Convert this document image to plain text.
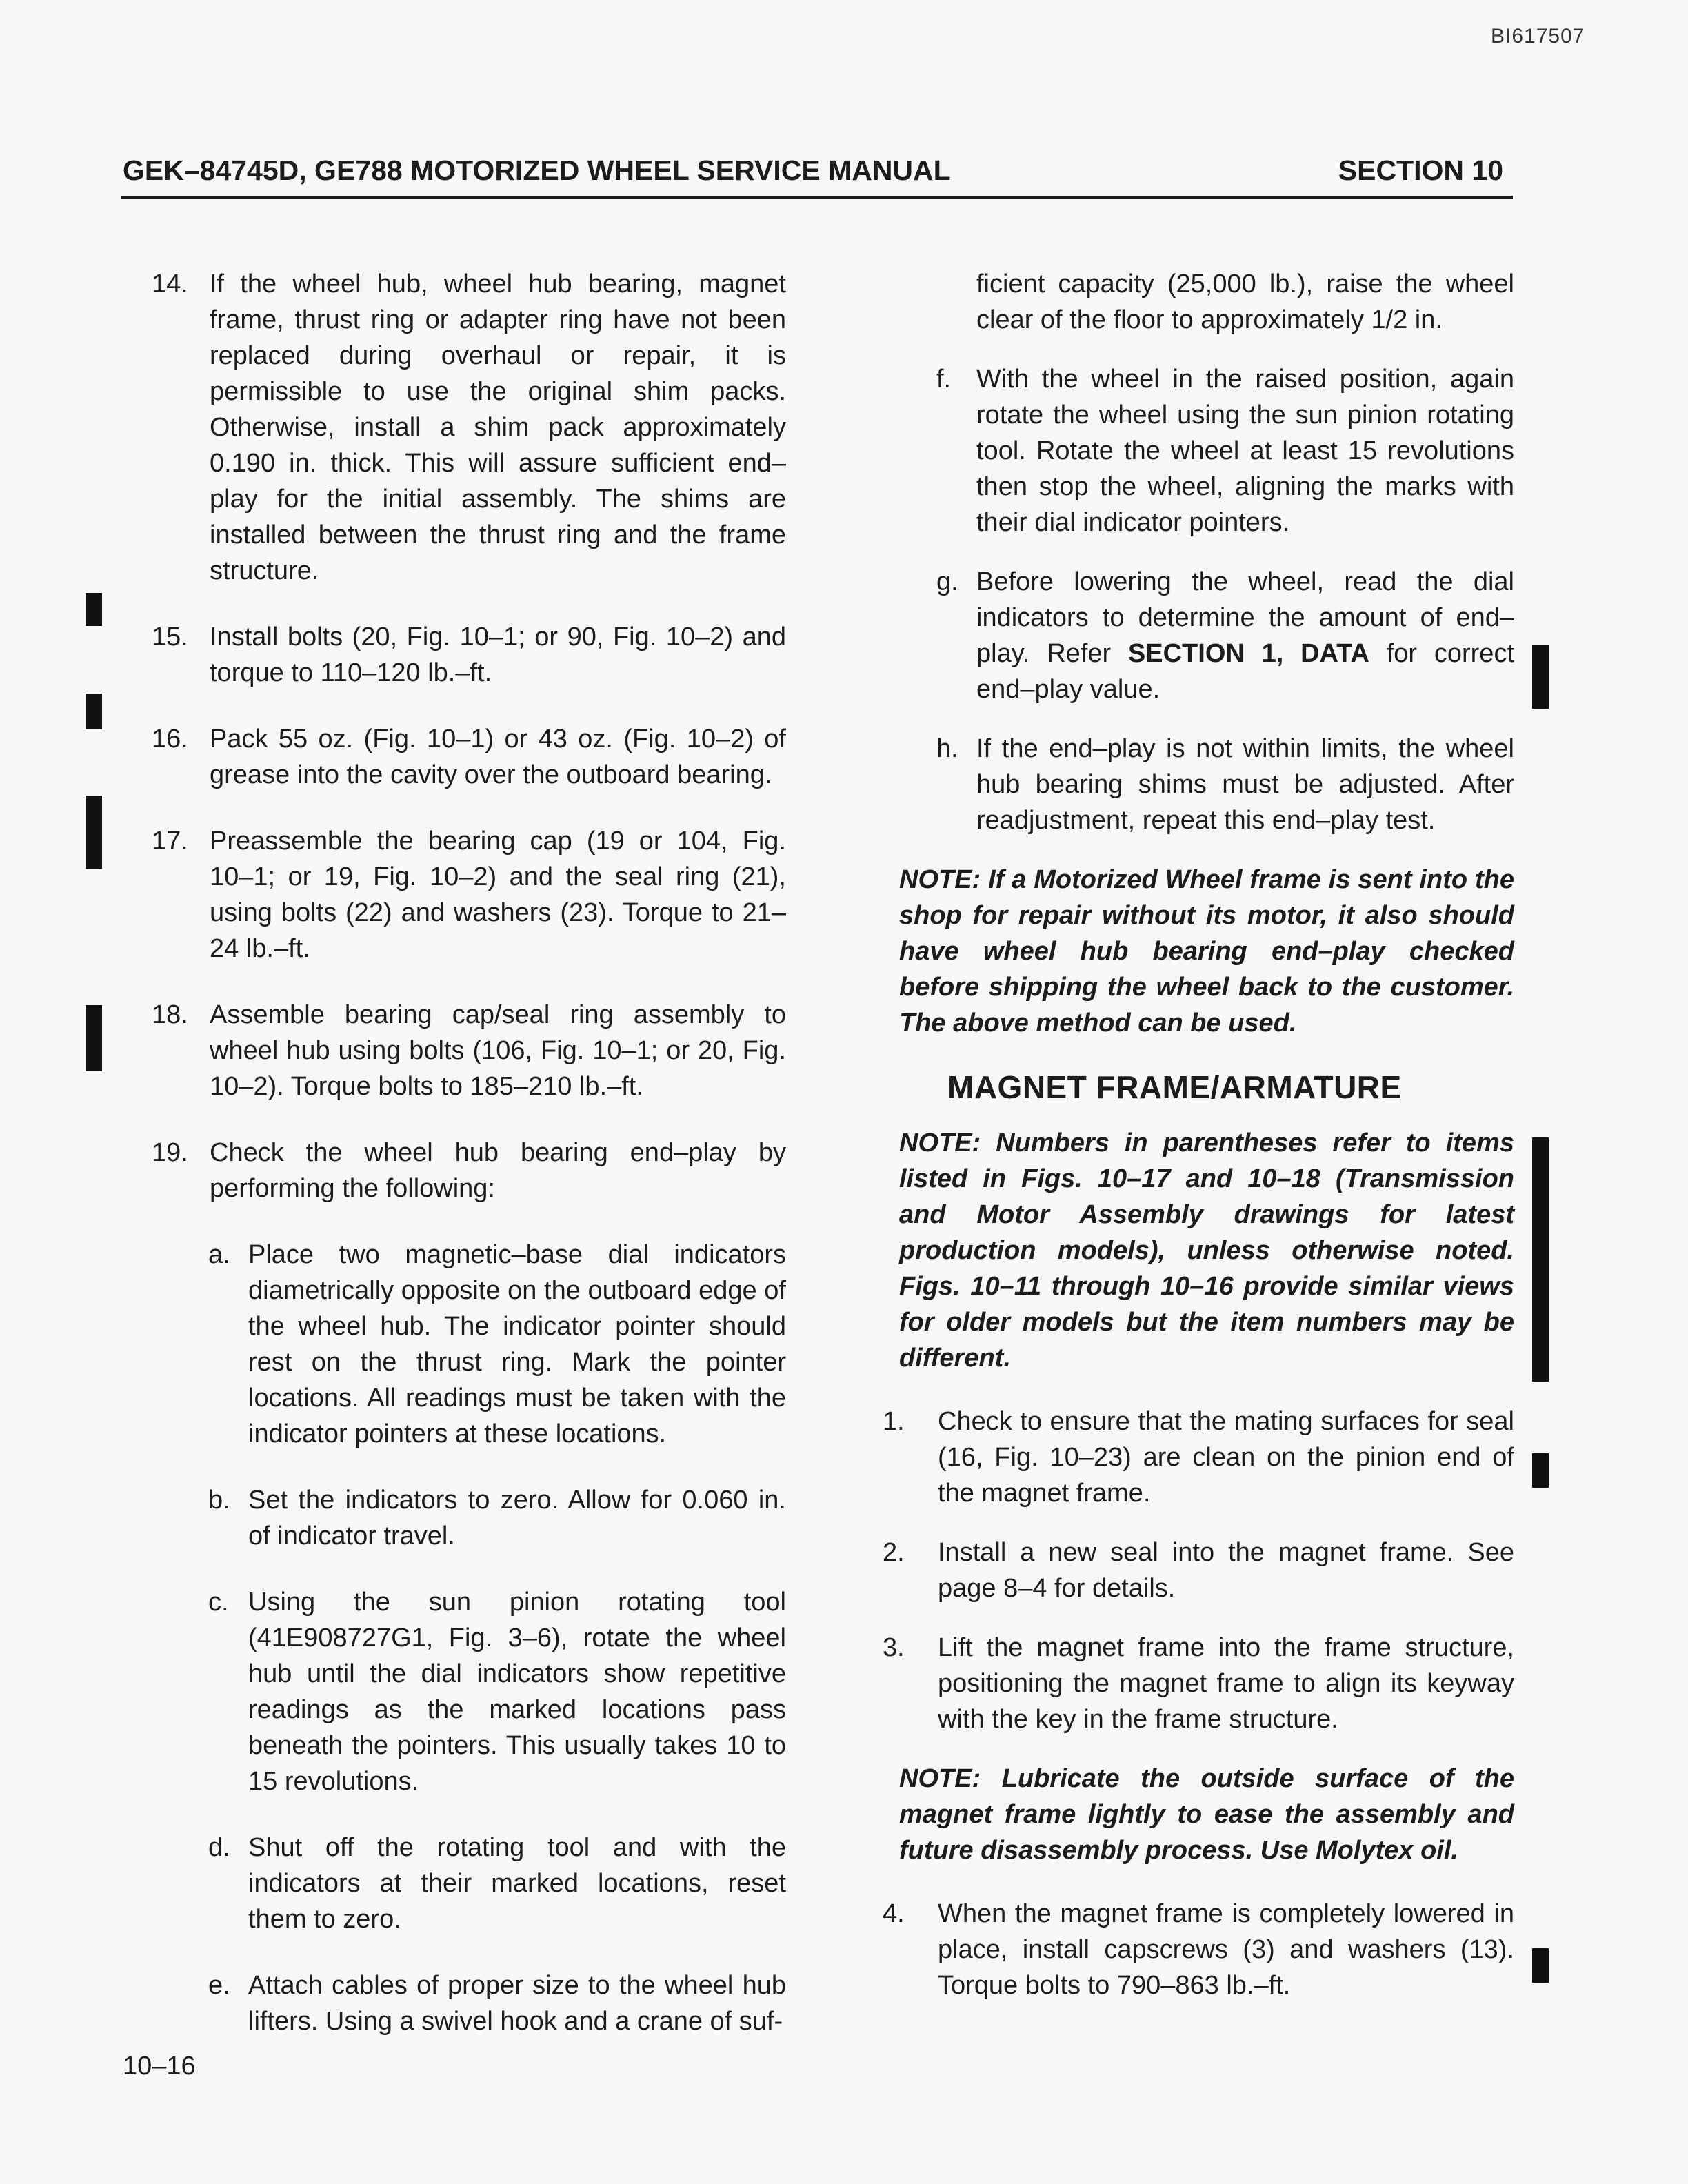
BI617507
GEK–84745D, GE788 MOTORIZED WHEEL SERVICE MANUAL	SECTION 10
14. If the wheel hub, wheel hub bearing, magnet frame, thrust ring or adapter ring have not been replaced during overhaul or repair, it is permissible to use the original shim packs. Otherwise, install a shim pack approximately 0.190 in. thick. This will assure sufficient end–play for the initial assembly. The shims are installed between the thrust ring and the frame structure.
15. Install bolts (20, Fig. 10–1; or 90, Fig. 10–2) and torque to 110–120 lb.–ft.
16. Pack 55 oz. (Fig. 10–1) or 43 oz. (Fig. 10–2) of grease into the cavity over the outboard bearing.
17. Preassemble the bearing cap (19 or 104, Fig. 10–1; or 19, Fig. 10–2) and the seal ring (21), using bolts (22) and washers (23). Torque to 21–24 lb.–ft.
18. Assemble bearing cap/seal ring assembly to wheel hub using bolts (106, Fig. 10–1; or 20, Fig. 10–2). Torque bolts to 185–210 lb.–ft.
19. Check the wheel hub bearing end–play by performing the following:
a. Place two magnetic–base dial indicators diametrically opposite on the outboard edge of the wheel hub. The indicator pointer should rest on the thrust ring. Mark the pointer locations. All readings must be taken with the indicator pointers at these locations.
b. Set the indicators to zero. Allow for 0.060 in. of indicator travel.
c. Using the sun pinion rotating tool (41E908727G1, Fig. 3–6), rotate the wheel hub until the dial indicators show repetitive readings as the marked locations pass beneath the pointers. This usually takes 10 to 15 revolutions.
d. Shut off the rotating tool and with the indicators at their marked locations, reset them to zero.
e. Attach cables of proper size to the wheel hub lifters. Using a swivel hook and a crane of suf-
ficient capacity (25,000 lb.), raise the wheel clear of the floor to approximately 1/2 in.
f. With the wheel in the raised position, again rotate the wheel using the sun pinion rotating tool. Rotate the wheel at least 15 revolutions then stop the wheel, aligning the marks with their dial indicator pointers.
g. Before lowering the wheel, read the dial indicators to determine the amount of end–play. Refer SECTION 1, DATA for correct end–play value.
h. If the end–play is not within limits, the wheel hub bearing shims must be adjusted. After readjustment, repeat this end–play test.
NOTE: If a Motorized Wheel frame is sent into the shop for repair without its motor, it also should have wheel hub bearing end–play checked before shipping the wheel back to the customer. The above method can be used.
MAGNET FRAME/ARMATURE
NOTE: Numbers in parentheses refer to items listed in Figs. 10–17 and 10–18 (Transmission and Motor Assembly drawings for latest production models), unless otherwise noted. Figs. 10–11 through 10–16 provide similar views for older models but the item numbers may be different.
1. Check to ensure that the mating surfaces for seal (16, Fig. 10–23) are clean on the pinion end of the magnet frame.
2. Install a new seal into the magnet frame. See page 8–4 for details.
3. Lift the magnet frame into the frame structure, positioning the magnet frame to align its keyway with the key in the frame structure.
NOTE: Lubricate the outside surface of the magnet frame lightly to ease the assembly and future disassembly process. Use Molytex oil.
4. When the magnet frame is completely lowered in place, install capscrews (3) and washers (13). Torque bolts to 790–863 lb.–ft.
10–16
